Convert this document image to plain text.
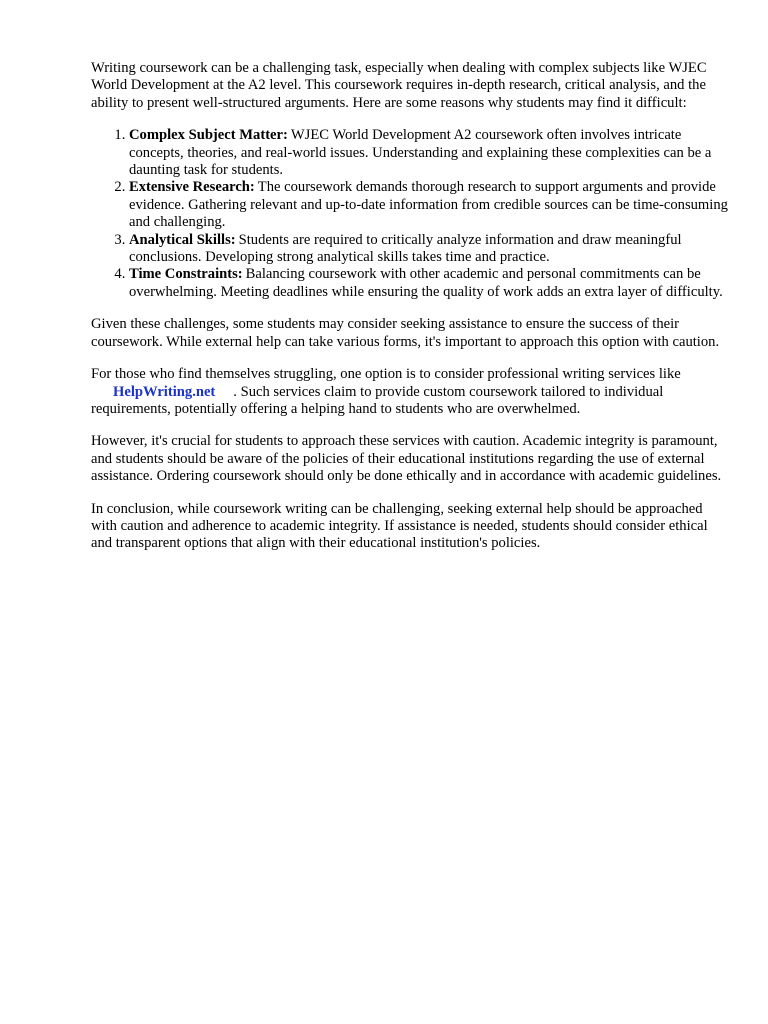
Writing coursework can be a challenging task, especially when dealing with complex subjects like WJEC World Development at the A2 level. This coursework requires in-depth research, critical analysis, and the ability to present well-structured arguments. Here are some reasons why students may find it difficult:

1. Complex Subject Matter: WJEC World Development A2 coursework often involves intricate concepts, theories, and real-world issues. Understanding and explaining these complexities can be a daunting task for students.
2. Extensive Research: The coursework demands thorough research to support arguments and provide evidence. Gathering relevant and up-to-date information from credible sources can be time-consuming and challenging.
3. Analytical Skills: Students are required to critically analyze information and draw meaningful conclusions. Developing strong analytical skills takes time and practice.
4. Time Constraints: Balancing coursework with other academic and personal commitments can be overwhelming. Meeting deadlines while ensuring the quality of work adds an extra layer of difficulty.

Given these challenges, some students may consider seeking assistance to ensure the success of their coursework. While external help can take various forms, it's important to approach this option with caution.

For those who find themselves struggling, one option is to consider professional writing services like HelpWriting.net . Such services claim to provide custom coursework tailored to individual requirements, potentially offering a helping hand to students who are overwhelmed.

However, it's crucial for students to approach these services with caution. Academic integrity is paramount, and students should be aware of the policies of their educational institutions regarding the use of external assistance. Ordering coursework should only be done ethically and in accordance with academic guidelines.

In conclusion, while coursework writing can be challenging, seeking external help should be approached with caution and adherence to academic integrity. If assistance is needed, students should consider ethical and transparent options that align with their educational institution's policies.
